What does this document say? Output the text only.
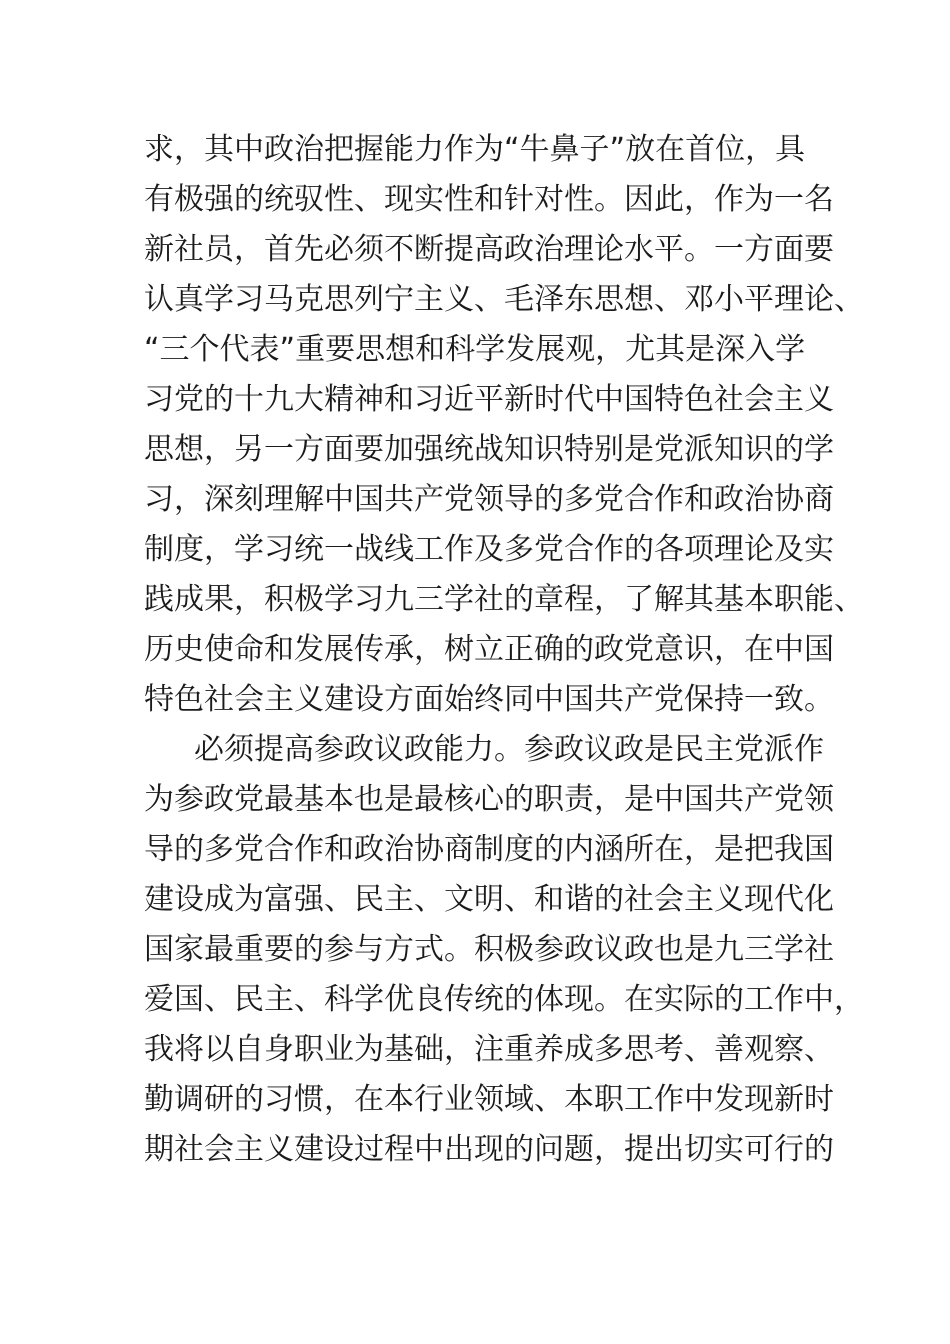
求，其中政治把握能力作为“牛鼻子”放在首位，具
有极强的统驭性、现实性和针对性。因此，作为一名
新社员，首先必须不断提高政治理论水平。一方面要
认真学习马克思列宁主义、毛泽东思想、邓小平理论、
“三个代表”重要思想和科学发展观，尤其是深入学
习党的十九大精神和习近平新时代中国特色社会主义
思想，另一方面要加强统战知识特别是党派知识的学
习，深刻理解中国共产党领导的多党合作和政治协商
制度，学习统一战线工作及多党合作的各项理论及实
践成果，积极学习九三学社的章程，了解其基本职能、
历史使命和发展传承，树立正确的政党意识，在中国
特色社会主义建设方面始终同中国共产党保持一致。
必须提高参政议政能力。参政议政是民主党派作
为参政党最基本也是最核心的职责，是中国共产党领
导的多党合作和政治协商制度的内涵所在，是把我国
建设成为富强、民主、文明、和谐的社会主义现代化
国家最重要的参与方式。积极参政议政也是九三学社
爱国、民主、科学优良传统的体现。在实际的工作中，
我将以自身职业为基础，注重养成多思考、善观察、
勤调研的习惯，在本行业领域、本职工作中发现新时
期社会主义建设过程中出现的问题，提出切实可行的
